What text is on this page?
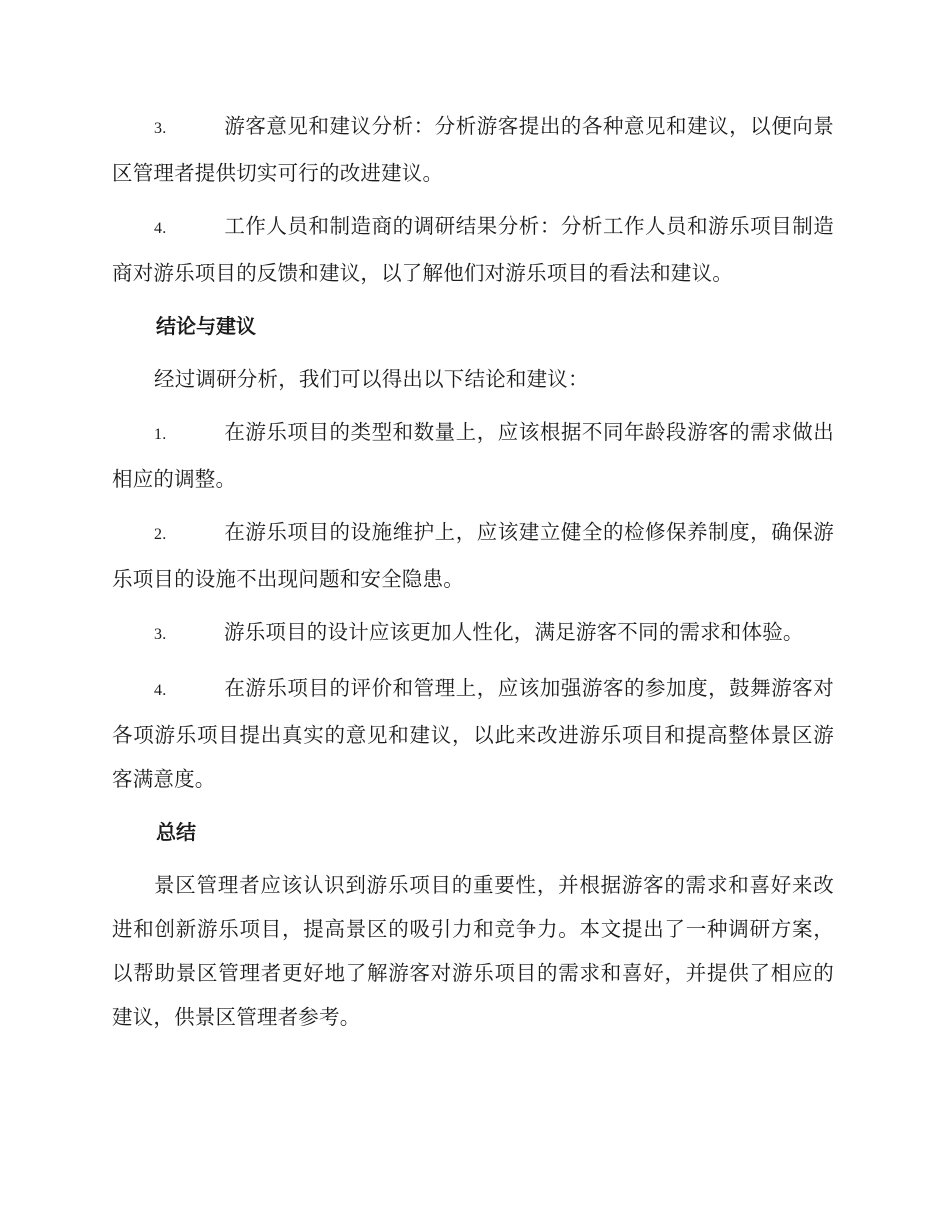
3.	游客意见和建议分析：分析游客提出的各种意见和建议，以便向景区管理者提供切实可行的改进建议。

4.	工作人员和制造商的调研结果分析：分析工作人员和游乐项目制造商对游乐项目的反馈和建议，以了解他们对游乐项目的看法和建议。

结论与建议

经过调研分析，我们可以得出以下结论和建议：

1.	在游乐项目的类型和数量上，应该根据不同年龄段游客的需求做出相应的调整。

2.	在游乐项目的设施维护上，应该建立健全的检修保养制度，确保游乐项目的设施不出现问题和安全隐患。

3.	游乐项目的设计应该更加人性化，满足游客不同的需求和体验。

4.	在游乐项目的评价和管理上，应该加强游客的参加度，鼓舞游客对各项游乐项目提出真实的意见和建议，以此来改进游乐项目和提高整体景区游客满意度。

总结

景区管理者应该认识到游乐项目的重要性，并根据游客的需求和喜好来改进和创新游乐项目，提高景区的吸引力和竞争力。本文提出了一种调研方案，以帮助景区管理者更好地了解游客对游乐项目的需求和喜好，并提供了相应的建议，供景区管理者参考。
